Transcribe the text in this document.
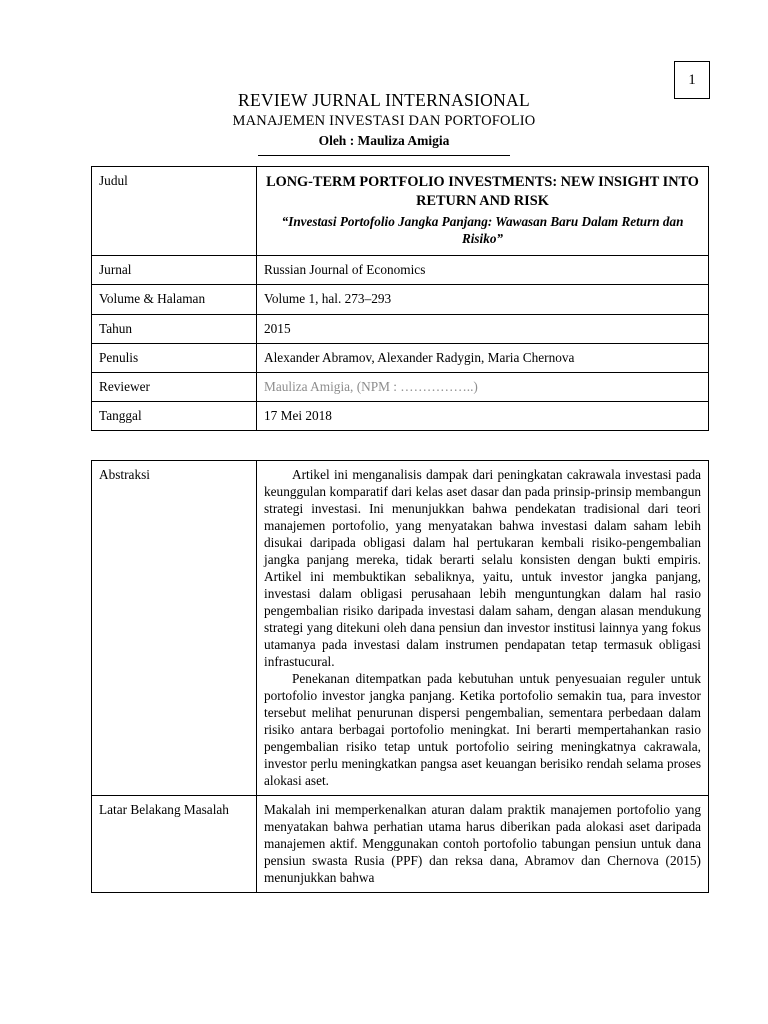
1
REVIEW JURNAL INTERNASIONAL
MANAJEMEN INVESTASI DAN PORTOFOLIO
Oleh : Mauliza Amigia
Judul	LONG-TERM PORTFOLIO INVESTMENTS: NEW INSIGHT INTO RETURN AND RISK
“Investasi Portofolio Jangka Panjang: Wawasan Baru Dalam Return dan Risiko”

Jurnal	Russian Journal of Economics
Volume & Halaman	Volume 1, hal. 273–293
Tahun	2015
Penulis	Alexander Abramov, Alexander Radygin, Maria Chernova
Reviewer	Mauliza Amigia, (NPM : ……………..)
Tanggal	17 Mei 2018
Abstraksi	Artikel ini menganalisis dampak dari peningkatan cakrawala investasi pada keunggulan komparatif dari kelas aset dasar dan pada prinsip-prinsip membangun strategi investasi. Ini menunjukkan bahwa pendekatan tradisional dari teori manajemen portofolio, yang menyatakan bahwa investasi dalam saham lebih disukai daripada obligasi dalam hal pertukaran kembali risiko-pengembalian jangka panjang mereka, tidak berarti selalu konsisten dengan bukti empiris. Artikel ini membuktikan sebaliknya, yaitu, untuk investor jangka panjang, investasi dalam obligasi perusahaan lebih menguntungkan dalam hal rasio pengembalian risiko daripada investasi dalam saham, dengan alasan mendukung strategi yang ditekuni oleh dana pensiun dan investor institusi lainnya yang fokus utamanya pada investasi dalam instrumen pendapatan tetap termasuk obligasi infrastucural.

Penekanan ditempatkan pada kebutuhan untuk penyesuaian reguler untuk portofolio investor jangka panjang. Ketika portofolio semakin tua, para investor tersebut melihat penurunan dispersi pengembalian, sementara perbedaan dalam risiko antara berbagai portofolio meningkat. Ini berarti mempertahankan rasio pengembalian risiko tetap untuk portofolio seiring meningkatnya cakrawala, investor perlu meningkatkan pangsa aset keuangan berisiko rendah selama proses alokasi aset.

Latar Belakang Masalah	Makalah ini memperkenalkan aturan dalam praktik manajemen portofolio yang menyatakan bahwa perhatian utama harus diberikan pada alokasi aset daripada manajemen aktif. Menggunakan contoh portofolio tabungan pensiun untuk dana pensiun swasta Rusia (PPF) dan reksa dana, Abramov dan Chernova (2015) menunjukkan bahwa
